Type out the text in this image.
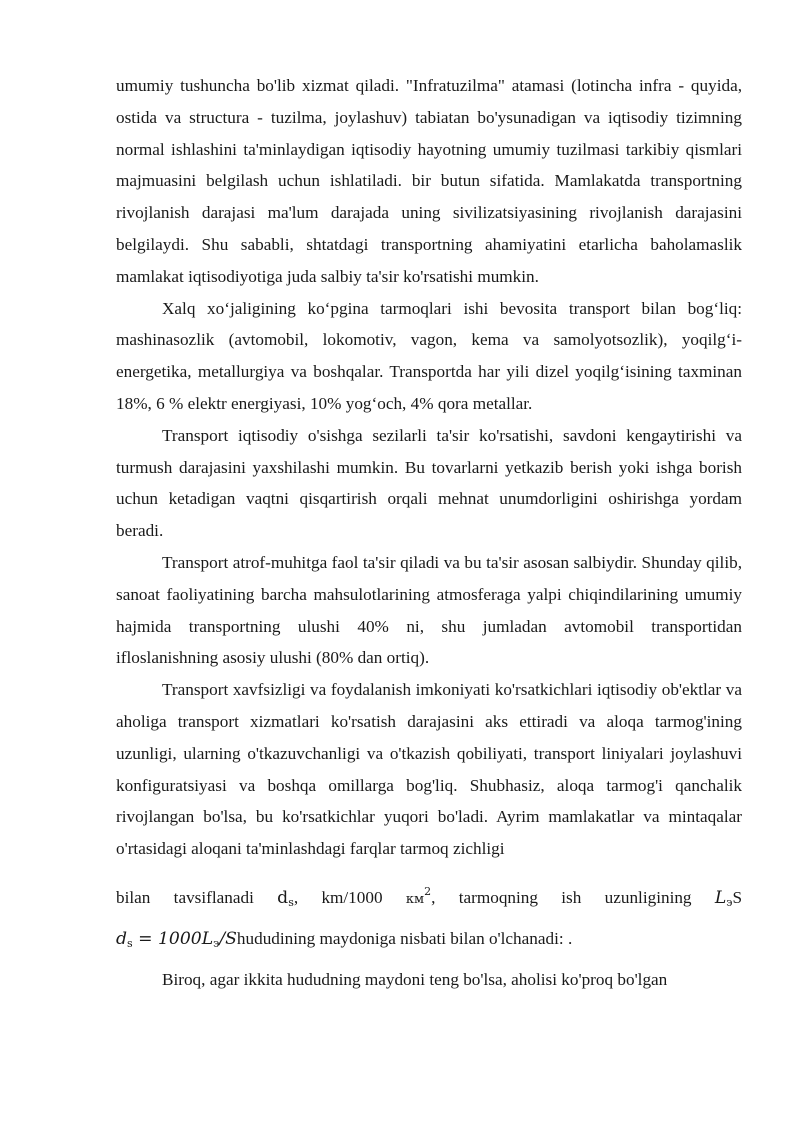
umumiy tushuncha bo'lib xizmat qiladi. "Infratuzilma" atamasi (lotincha infra - quyida, ostida va structura - tuzilma, joylashuv) tabiatan bo'ysunadigan va iqtisodiy tizimning normal ishlashini ta'minlaydigan iqtisodiy hayotning umumiy tuzilmasi tarkibiy qismlari majmuasini belgilash uchun ishlatiladi. bir butun sifatida. Mamlakatda transportning rivojlanish darajasi ma'lum darajada uning sivilizatsiyasining rivojlanish darajasini belgilaydi. Shu sababli, shtatdagi transportning ahamiyatini etarlicha baholamaslik mamlakat iqtisodiyotiga juda salbiy ta'sir ko'rsatishi mumkin.

Xalq xo‘jaligining ko‘pgina tarmoqlari ishi bevosita transport bilan bog‘liq: mashinasozlik (avtomobil, lokomotiv, vagon, kema va samolyotsozlik), yoqilg‘i-energetika, metallurgiya va boshqalar. Transportda har yili dizel yoqilg‘isining taxminan 18%, 6 % elektr energiyasi, 10% yog‘och, 4% qora metallar.

Transport iqtisodiy o'sishga sezilarli ta'sir ko'rsatishi, savdoni kengaytirishi va turmush darajasini yaxshilashi mumkin. Bu tovarlarni yetkazib berish yoki ishga borish uchun ketadigan vaqtni qisqartirish orqali mehnat unumdorligini oshirishga yordam beradi.

Transport atrof-muhitga faol ta'sir qiladi va bu ta'sir asosan salbiydir. Shunday qilib, sanoat faoliyatining barcha mahsulotlarining atmosferaga yalpi chiqindilarining umumiy hajmida transportning ulushi 40% ni, shu jumladan avtomobil transportidan ifloslanishning asosiy ulushi (80% dan ortiq).

Transport xavfsizligi va foydalanish imkoniyati ko'rsatkichlari iqtisodiy ob'ektlar va aholiga transport xizmatlari ko'rsatish darajasini aks ettiradi va aloqa tarmog'ining uzunligi, ularning o'tkazuvchanligi va o'tkazish qobiliyati, transport liniyalari joylashuvi konfiguratsiyasi va boshqa omillarga bog'liq. Shubhasiz, aloqa tarmog'i qanchalik rivojlangan bo'lsa, bu ko'rsatkichlar yuqori bo'ladi. Ayrim mamlakatlar va mintaqalar o'rtasidagi aloqani ta'minlashdagi farqlar tarmoq zichligi

bilan tavsiflanadi $d_s$, km/1000 $км^2$, tarmoqning ish uzunligining $L_эS$

$d_s$ = $1000L_э$/Shududining maydoniga nisbati bilan o'lchanadi: .

Biroq, agar ikkita hududning maydoni teng bo'lsa, aholisi ko'proq bo'lgan
